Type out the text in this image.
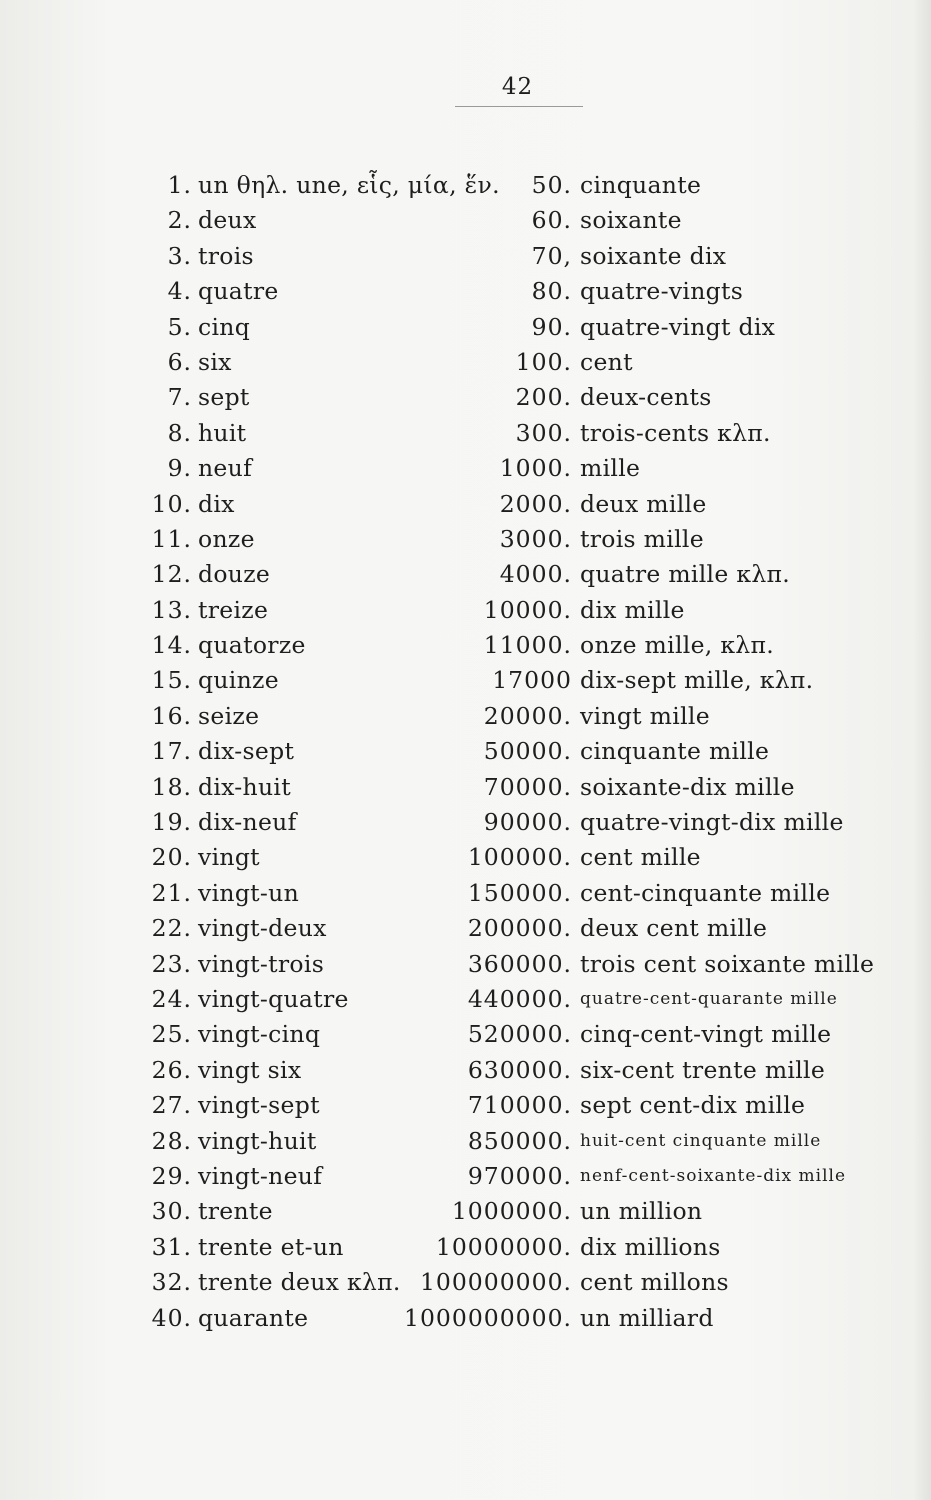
42
1. un θηλ. une, εἷς, μία, ἕν.
2. deux
3. trois
4. quatre
5. cinq
6. six
7. sept
8. huit
9. neuf
10. dix
11. onze
12. douze
13. treize
14. quatorze
15. quinze
16. seize
17. dix-sept
18. dix-huit
19. dix-neuf
20. vingt
21. vingt-un
22. vingt-deux
23. vingt-trois
24. vingt-quatre
25. vingt-cinq
26. vingt six
27. vingt-sept
28. vingt-huit
29. vingt-neuf
30. trente
31. trente et-un
32. trente deux κλπ.
40. quarante
50. cinquante
60. soixante
70, soixante dix
80. quatre-vingts
90. quatre-vingt dix
100. cent
200. deux-cents
300. trois-cents κλπ.
1000. mille
2000. deux mille
3000. trois mille
4000. quatre mille κλπ.
10000. dix mille
11000. onze mille, κλπ.
17000 dix-sept mille, κλπ.
20000. vingt mille
50000. cinquante mille
70000. soixante-dix mille
90000. quatre-vingt-dix mille
100000. cent mille
150000. cent-cinquante mille
200000. deux cent mille
360000. trois cent soixante mille
440000. quatre-cent-quarante mille
520000. cinq-cent-vingt mille
630000. six-cent trente mille
710000. sept cent-dix mille
850000. huit-cent cinquante mille
970000. nenf-cent-soixante-dix mille
1000000. un million
10000000. dix millions
100000000. cent millons
1000000000. un milliard
